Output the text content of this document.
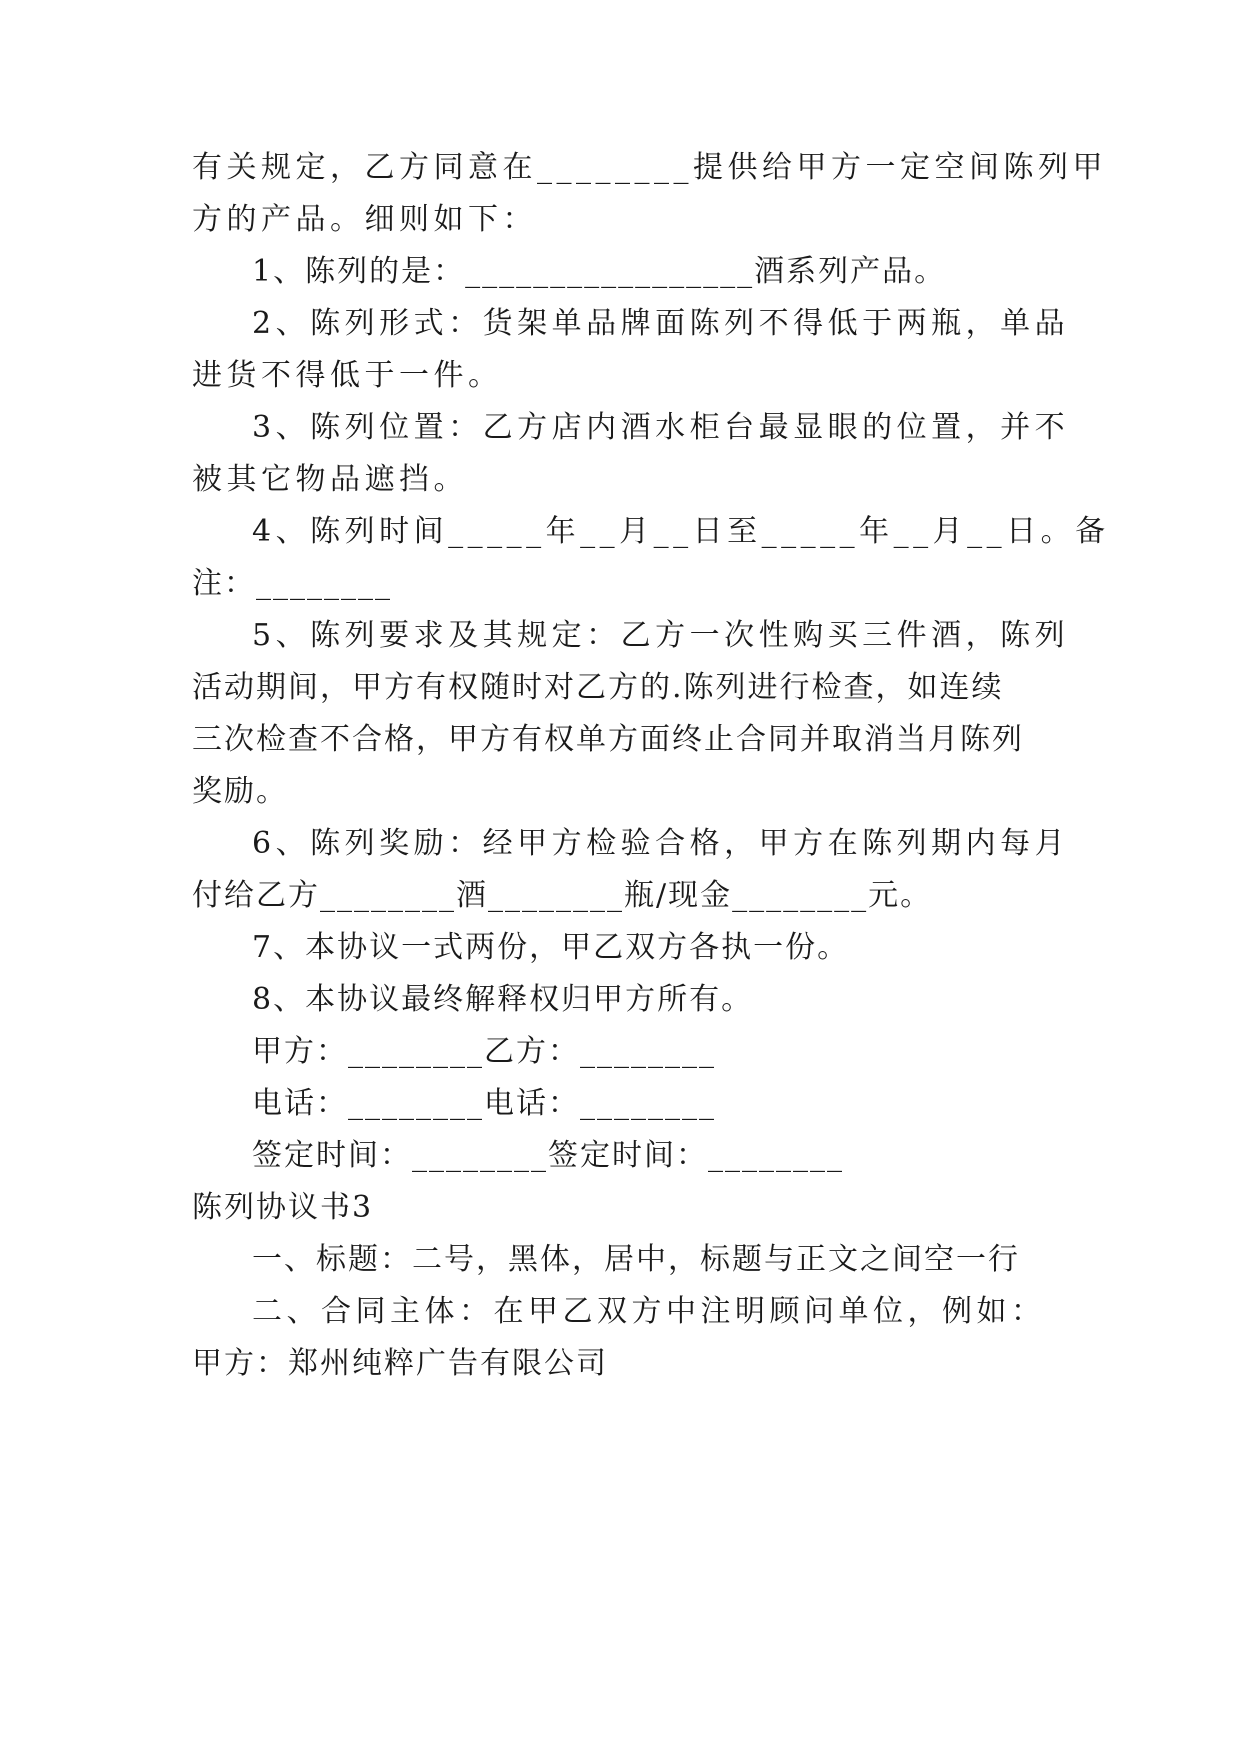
有关规定，乙方同意在________提供给甲方一定空间陈列甲
方的产品。细则如下：
1、陈列的是：_________________酒系列产品。
2、陈列形式：货架单品牌面陈列不得低于两瓶，单品
进货不得低于一件。
3、陈列位置：乙方店内酒水柜台最显眼的位置，并不
被其它物品遮挡。
4、陈列时间_____年__月__日至_____年__月__日。备
注：________
5、陈列要求及其规定：乙方一次性购买三件酒，陈列
活动期间，甲方有权随时对乙方的.陈列进行检查，如连续
三次检查不合格，甲方有权单方面终止合同并取消当月陈列
奖励。
6、陈列奖励：经甲方检验合格，甲方在陈列期内每月
付给乙方________酒________瓶/现金________元。
7、本协议一式两份，甲乙双方各执一份。
8、本协议最终解释权归甲方所有。
甲方：________乙方：________
电话：________电话：________
签定时间：________签定时间：________
陈列协议书3
一、标题：二号，黑体，居中，标题与正文之间空一行
二、合同主体：在甲乙双方中注明顾问单位，例如：
甲方：郑州纯粹广告有限公司
